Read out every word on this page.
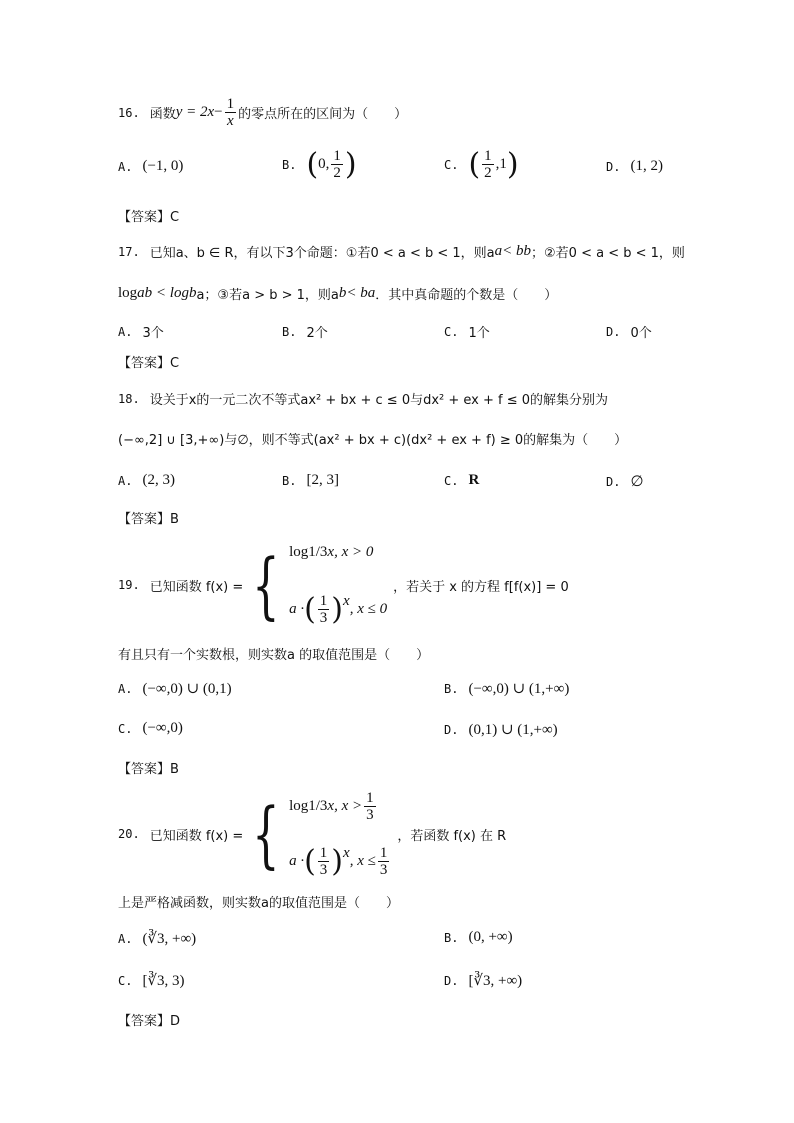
16. 函数 y = 2 $x - \frac{1}{x}$ 的零点所在的区间为（　　）
A. (−1, 0)	B. ( 0, $\frac{1}{2}$ )	C. ( $\frac{1}{2} ,1$ )	D. (1, 2)
【答案】C
17. 已知a、b ∈ R，有以下3个命题：①若0 < a < b < 1，则a a < b b ；②若0 < a < b < 1，则
log a b < log b a；③若a > b > 1，则a b < b a ．其中真命题的个数是（　　）
A. 3个	B. 2个	C. 1个	D. 0个
【答案】C
18. 设关于x的一元二次不等式ax² + bx + c ≤ 0与dx² + ex + f ≤ 0的解集分别为
(−∞,2] ∪ [3,+∞)与∅，则不等式(ax² + bx + c)(dx² + ex + f) ≥ 0的解集为（　　）
A. (2, 3)	B. [2, 3]	C. R	D. ∅
【答案】B
19. 已知函数 f(x) = { log 1/3 x, x > 0
a · ( $\frac{1}{3}$ ) x , x ≤ 0
，若关于 x 的方程 f[f(x)] = 0
有且只有一个实数根，则实数a 的取值范围是（　　）
A. (−∞,0) ∪ (0,1)	B. (−∞,0) ∪ (1,+∞)
C. (−∞,0)	D. (0,1) ∪ (1,+∞)
【答案】B
20. 已知函数 f(x) = { log 1/3 x, $x > \frac{1}{3}$
a · ( $\frac{1}{3}$ ) x , $x \le \frac{1}{3}$
，若函数 f(x) 在 R
上是严格减函数，则实数a的取值范围是（　　）
A. (∛3, +∞)	B. (0, +∞)
C. [∛3, 3)	D. [∛3, +∞)
【答案】D
